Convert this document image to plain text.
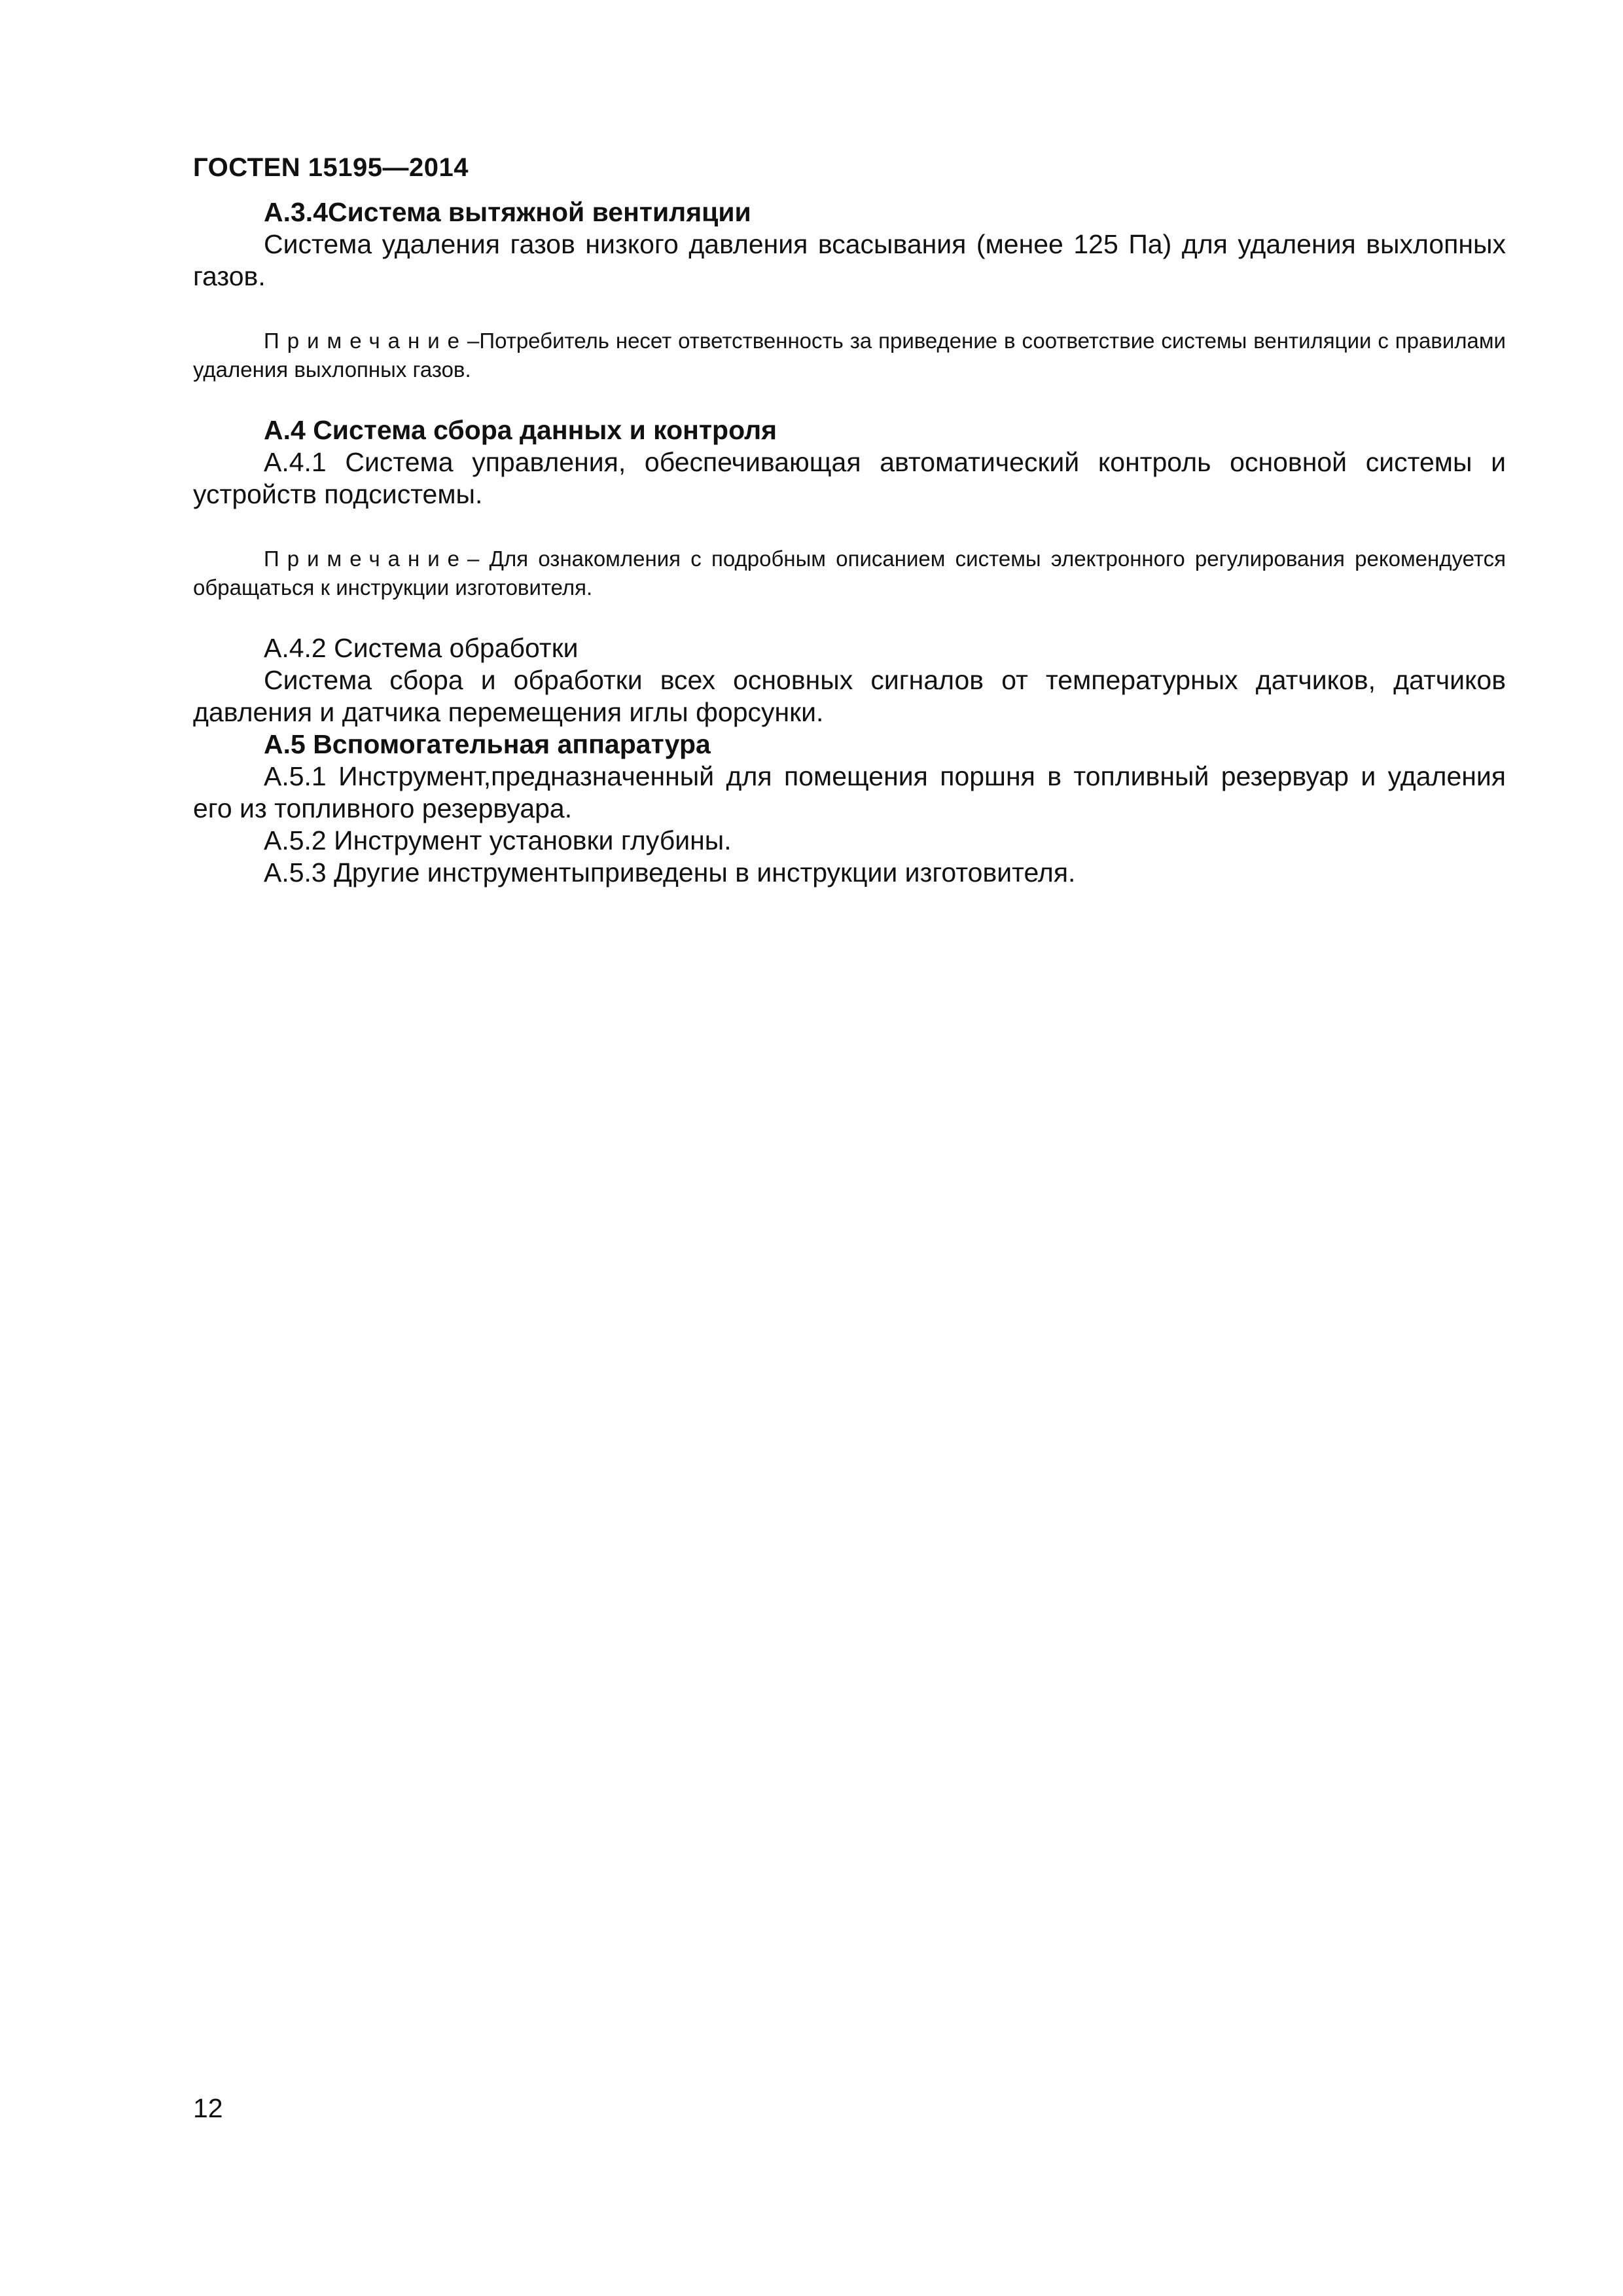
ГОСТEN 15195—2014

А.3.4Система вытяжной вентиляции

Система удаления газов низкого давления всасывания (менее 125 Па) для удаления выхлопных газов.

Примечание–Потребитель несет ответственность за приведение в соответствие системы вентиляции с правилами удаления выхлопных газов.

А.4 Система сбора данных и контроля

А.4.1 Система управления, обеспечивающая автоматический контроль основной системы и устройств подсистемы.

Примечание– Для ознакомления с подробным описанием системы электронного регулирования рекомендуется обращаться к инструкции изготовителя.

А.4.2 Система обработки

Система сбора и обработки всех основных сигналов от температурных датчиков, датчиков давления и датчика перемещения иглы форсунки.

А.5 Вспомогательная аппаратура

А.5.1 Инструмент,предназначенный для помещения поршня в топливный резервуар и удаления его из топливного резервуара.

А.5.2 Инструмент установки глубины.

А.5.3 Другие инструментыприведены в инструкции изготовителя.

12
